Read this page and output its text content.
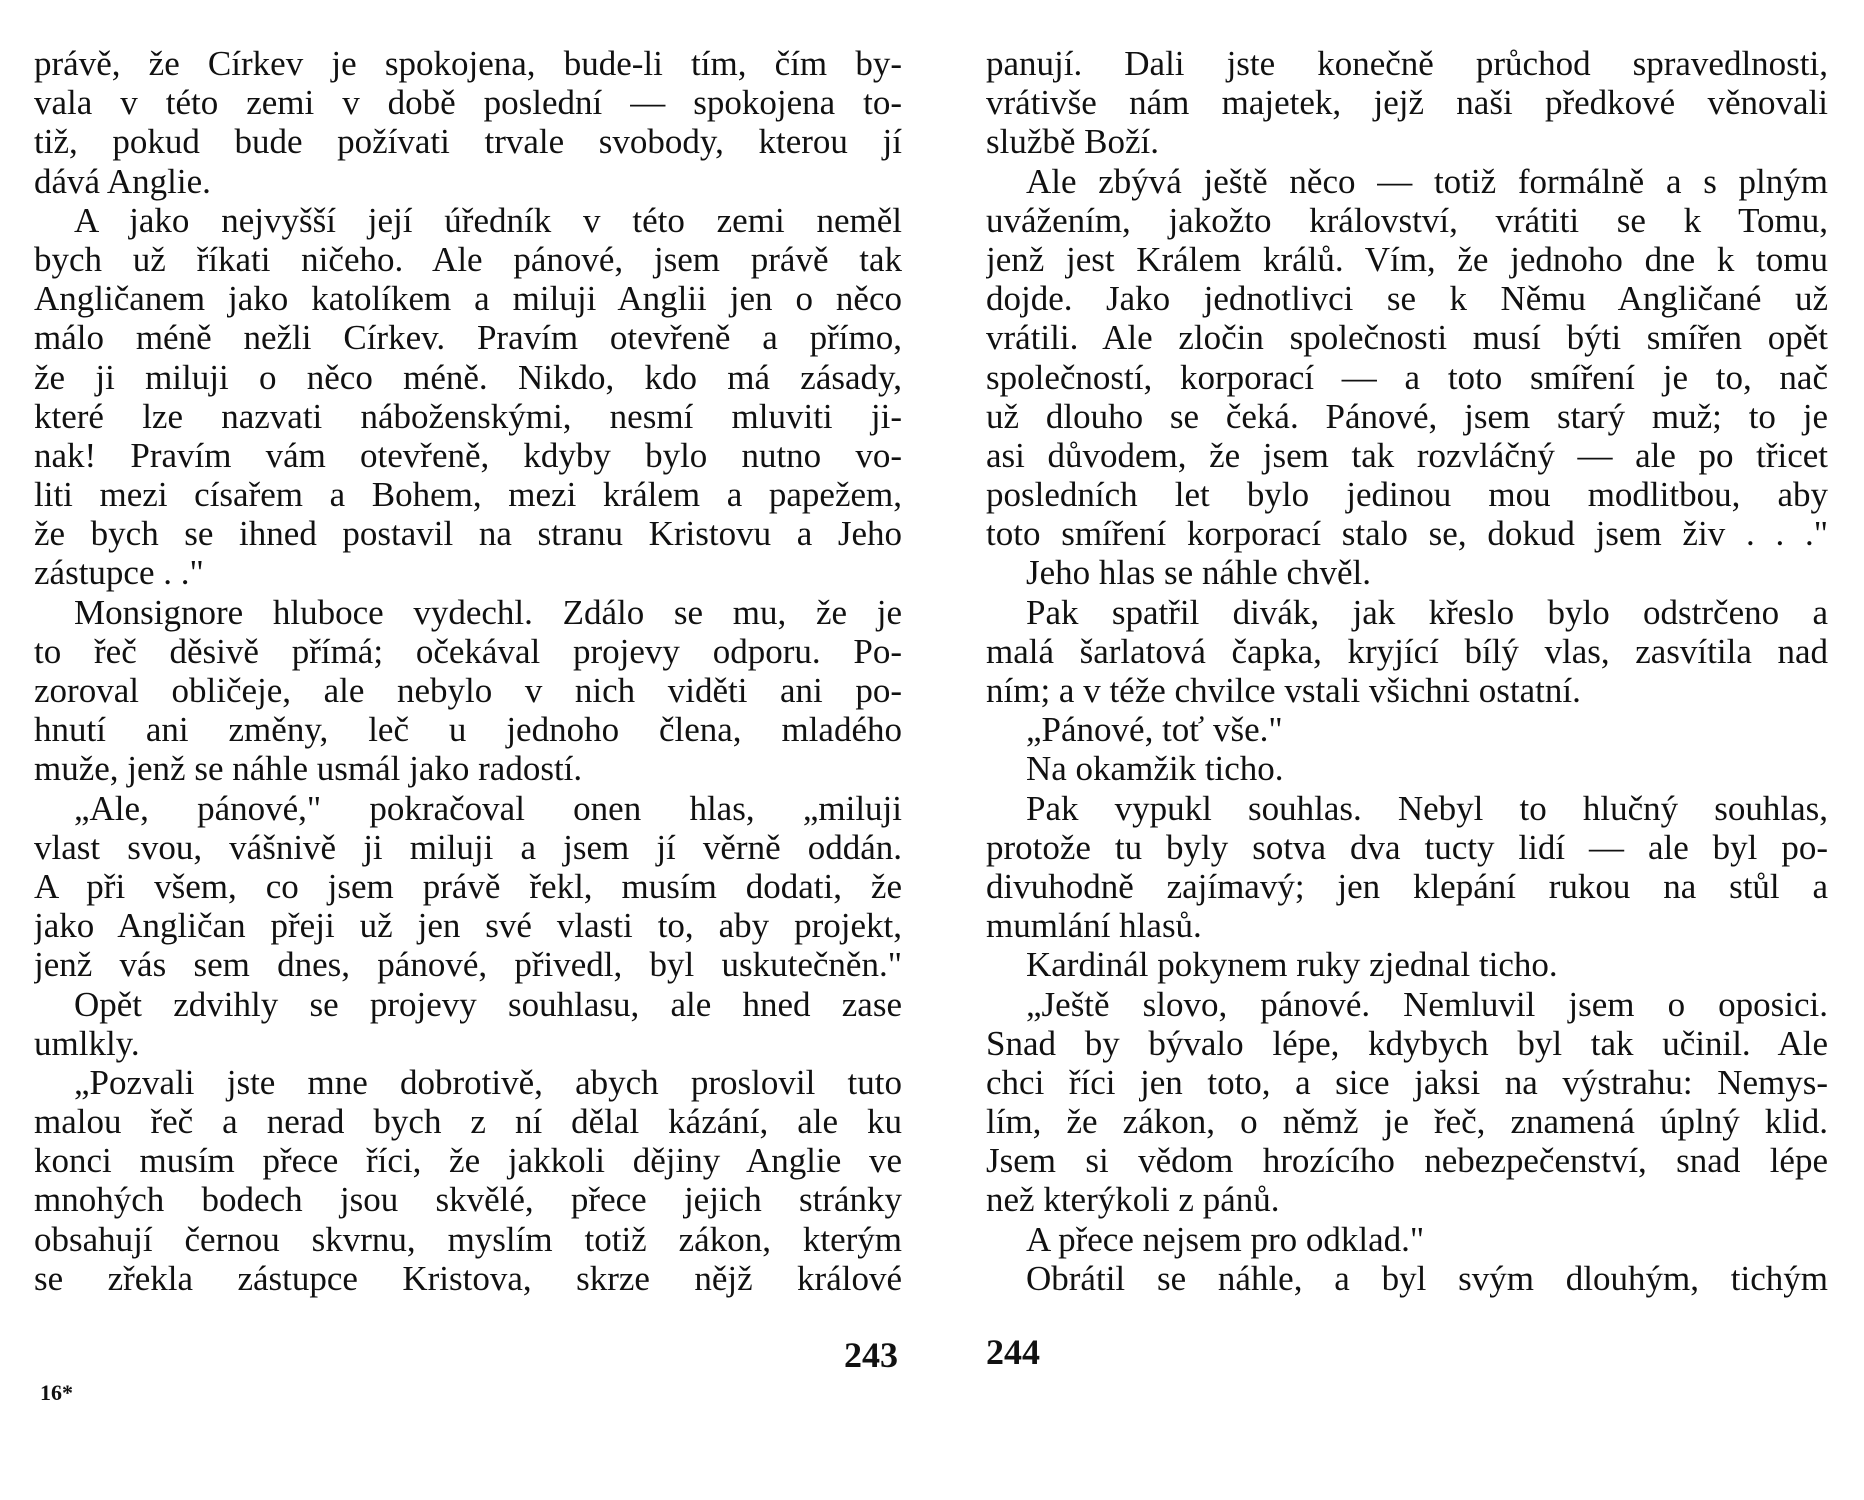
právě, že Církev je spokojena, bude-li tím, čím by-
vala v této zemi v době poslední — spokojena to-
tiž, pokud bude požívati trvale svobody, kterou jí
dává Anglie.
A jako nejvyšší její úředník v této zemi neměl
bych už říkati ničeho. Ale pánové, jsem právě tak
Angličanem jako katolíkem a miluji Anglii jen o něco
málo méně nežli Církev. Pravím otevřeně a přímo,
že ji miluji o něco méně. Nikdo, kdo má zásady,
které lze nazvati náboženskými, nesmí mluviti ji-
nak! Pravím vám otevřeně, kdyby bylo nutno vo-
liti mezi císařem a Bohem, mezi králem a papežem,
že bych se ihned postavil na stranu Kristovu a Jeho
zástupce . ."
Monsignore hluboce vydechl. Zdálo se mu, že je
to řeč děsivě přímá; očekával projevy odporu. Po-
zoroval obličeje, ale nebylo v nich viděti ani po-
hnutí ani změny, leč u jednoho člena, mladého
muže, jenž se náhle usmál jako radostí.
„Ale, pánové," pokračoval onen hlas, „miluji
vlast svou, vášnivě ji miluji a jsem jí věrně oddán.
A při všem, co jsem právě řekl, musím dodati, že
jako Angličan přeji už jen své vlasti to, aby projekt,
jenž vás sem dnes, pánové, přivedl, byl uskutečněn."
Opět zdvihly se projevy souhlasu, ale hned zase
umlkly.
„Pozvali jste mne dobrotivě, abych proslovil tuto
malou řeč a nerad bych z ní dělal kázání, ale ku
konci musím přece říci, že jakkoli dějiny Anglie ve
mnohých bodech jsou skvělé, přece jejich stránky
obsahují černou skvrnu, myslím totiž zákon, kterým
se zřekla zástupce Kristova, skrze nějž králové
16*
243
panují. Dali jste konečně průchod spravedlnosti,
vrátivše nám majetek, jejž naši předkové věnovali
službě Boží.
Ale zbývá ještě něco — totiž formálně a s plným
uvážením, jakožto království, vrátiti se k Tomu,
jenž jest Králem králů. Vím, že jednoho dne k tomu
dojde. Jako jednotlivci se k Němu Angličané už
vrátili. Ale zločin společnosti musí býti smířen opět
společností, korporací — a toto smíření je to, nač
už dlouho se čeká. Pánové, jsem starý muž; to je
asi důvodem, že jsem tak rozvláčný — ale po třicet
posledních let bylo jedinou mou modlitbou, aby
toto smíření korporací stalo se, dokud jsem živ . . ."
Jeho hlas se náhle chvěl.
Pak spatřil divák, jak křeslo bylo odstrčeno a
malá šarlatová čapka, kryjící bílý vlas, zasvítila nad
ním; a v téže chvilce vstali všichni ostatní.
„Pánové, toť vše."
Na okamžik ticho.
Pak vypukl souhlas. Nebyl to hlučný souhlas,
protože tu byly sotva dva tucty lidí — ale byl po-
divuhodně zajímavý; jen klepání rukou na stůl a
mumlání hlasů.
Kardinál pokynem ruky zjednal ticho.
„Ještě slovo, pánové. Nemluvil jsem o oposici.
Snad by bývalo lépe, kdybych byl tak učinil. Ale
chci říci jen toto, a sice jaksi na výstrahu: Nemys-
lím, že zákon, o němž je řeč, znamená úplný klid.
Jsem si vědom hrozícího nebezpečenství, snad lépe
než kterýkoli z pánů.
A přece nejsem pro odklad."
Obrátil se náhle, a byl svým dlouhým, tichým
244
